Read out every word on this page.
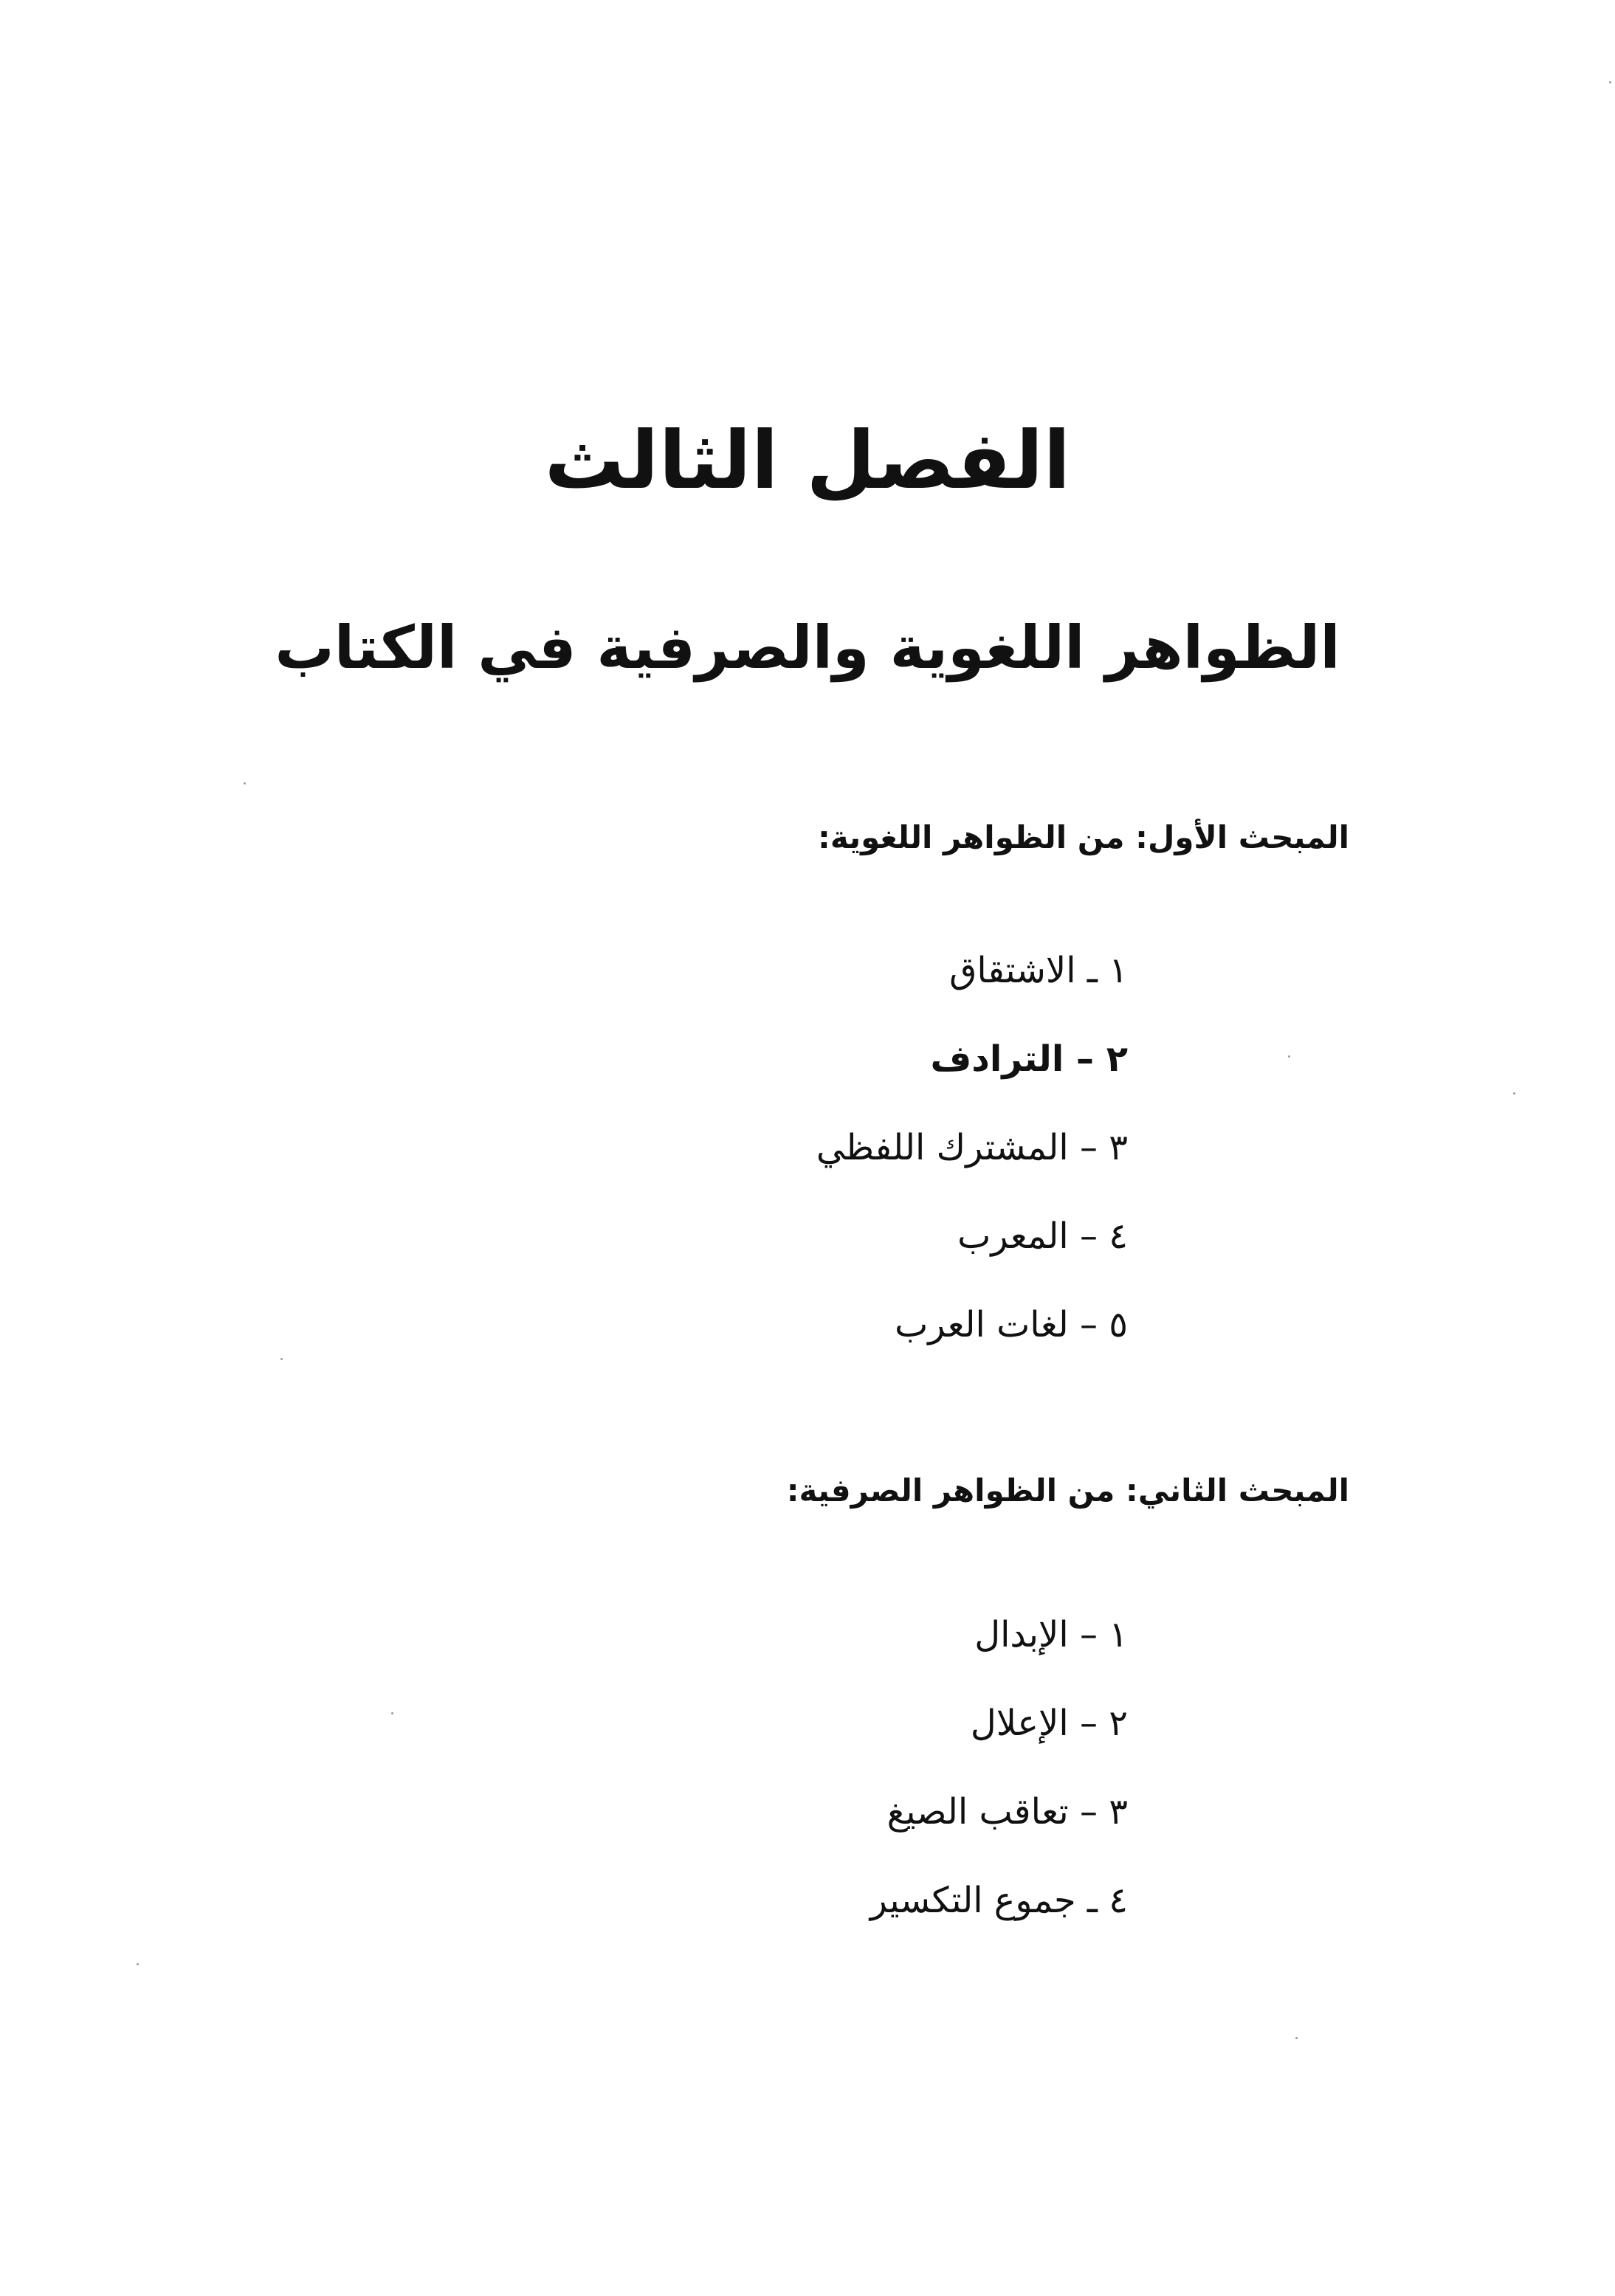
الفصل الثالث
الظواهر اللغوية والصرفية في الكتاب
المبحث الأول: من الظواهر اللغوية:
١ ـ الاشتقاق
٢ – الترادف
٣ – المشترك اللفظي
٤ – المعرب
٥ – لغات العرب
المبحث الثاني: من الظواهر الصرفية:
١ – الإبدال
٢ – الإعلال
٣ – تعاقب الصيغ
٤ ـ جموع التكسير
